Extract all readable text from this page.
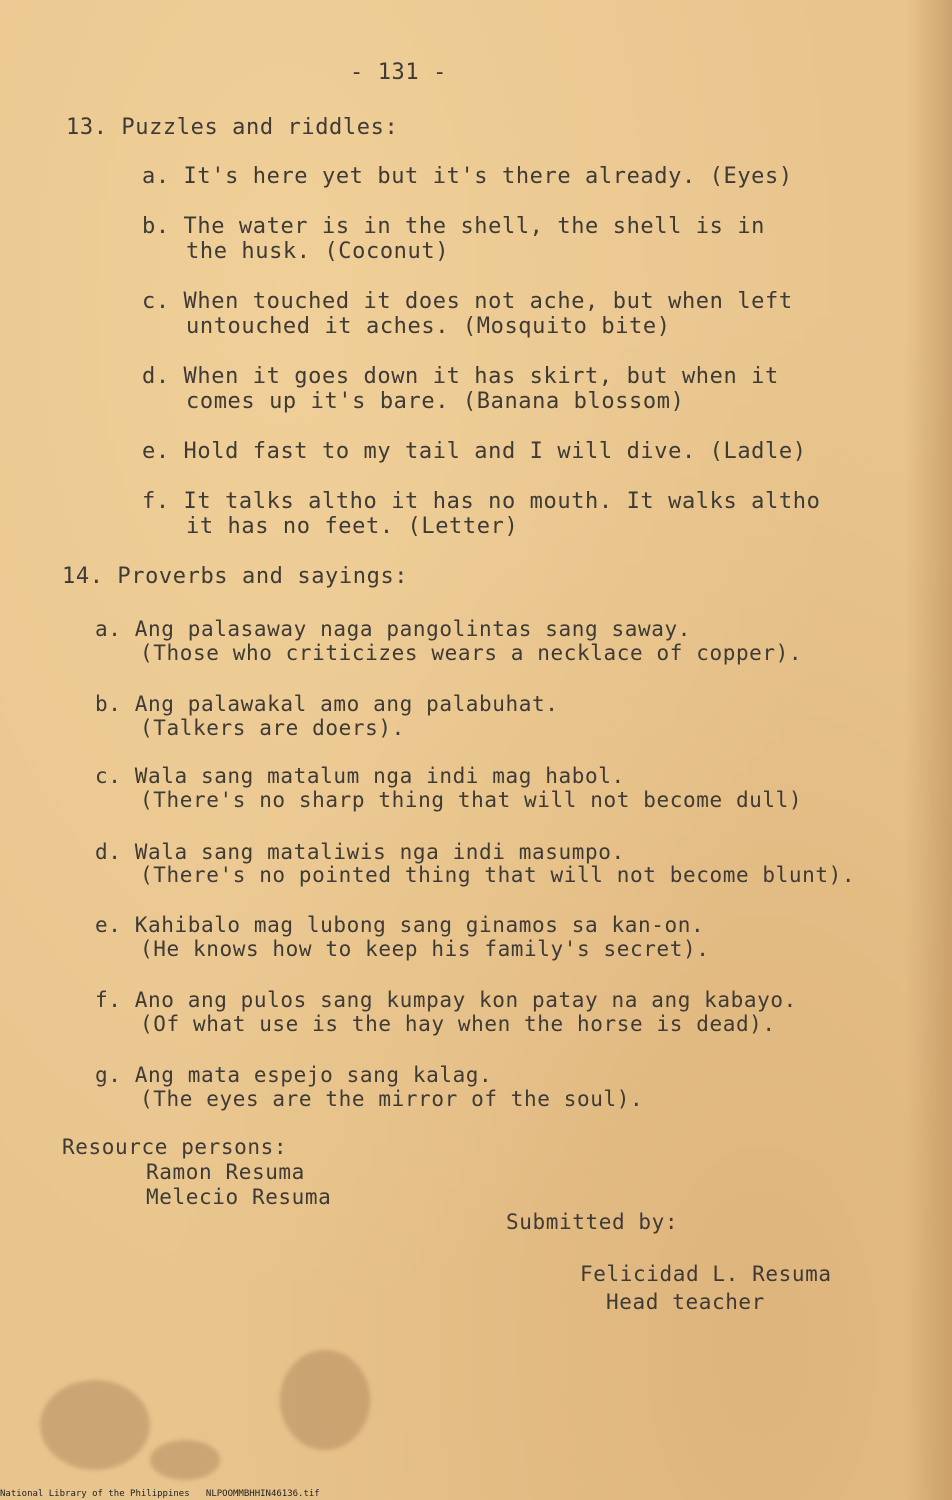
- 131 -
13. Puzzles and riddles:
a. It's here yet but it's there already. (Eyes)
b. The water is in the shell, the shell is in
the husk. (Coconut)
c. When touched it does not ache, but when left
untouched it aches. (Mosquito bite)
d. When it goes down it has skirt, but when it
comes up it's bare. (Banana blossom)
e. Hold fast to my tail and I will dive. (Ladle)
f. It talks altho it has no mouth. It walks altho
it has no feet. (Letter)
14. Proverbs and sayings:
a. Ang palasaway naga pangolintas sang saway.
(Those who criticizes wears a necklace of copper).
b. Ang palawakal amo ang palabuhat.
(Talkers are doers).
c. Wala sang matalum nga indi mag habol.
(There's no sharp thing that will not become dull)
d. Wala sang mataliwis nga indi masumpo.
(There's no pointed thing that will not become blunt).
e. Kahibalo mag lubong sang ginamos sa kan-on.
(He knows how to keep his family's secret).
f. Ano ang pulos sang kumpay kon patay na ang kabayo.
(Of what use is the hay when the horse is dead).
g. Ang mata espejo sang kalag.
(The eyes are the mirror of the soul).
Resource persons:
Ramon Resuma
Melecio Resuma
Submitted by:
Felicidad L. Resuma
Head teacher
National Library of the Philippines NLPOOMMBHHIN46136.tif
